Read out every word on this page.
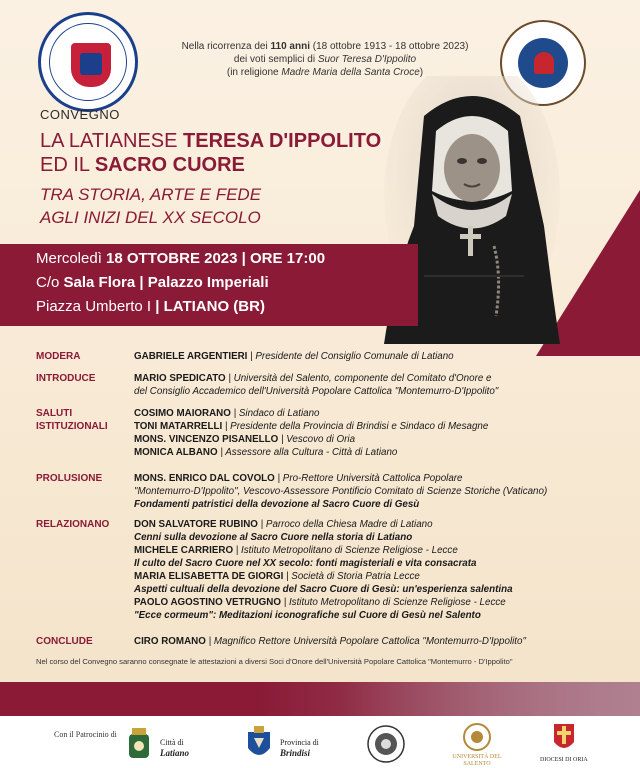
Nella ricorrenza dei 110 anni (18 ottobre 1913 - 18 ottobre 2023)
dei voti semplici di Suor Teresa D'Ippolito
(in religione Madre Maria della Santa Croce)
CONVEGNO
LA LATIANESE TERESA D'IPPOLITO
ED IL SACRO CUORE
TRA STORIA, ARTE E FEDE
AGLI INIZI DEL XX SECOLO
Mercoledì 18 OTTOBRE 2023 | ORE 17:00
C/o Sala Flora | Palazzo Imperiali
Piazza Umberto I | LATIANO (BR)
MODERA	GABRIELE ARGENTIERI | Presidente del Consiglio Comunale di Latiano
INTRODUCE	MARIO SPEDICATO | Università del Salento, componente del Comitato d'Onore e
del Consiglio Accademico dell'Università Popolare Cattolica "Montemurro-D'Ippolito"
SALUTI
ISTITUZIONALI
COSIMO MAIORANO | Sindaco di Latiano
TONI MATARRELLI | Presidente della Provincia di Brindisi e Sindaco di Mesagne
MONS. VINCENZO PISANELLO | Vescovo di Oria
MONICA ALBANO | Assessore alla Cultura - Città di Latiano
PROLUSIONE	MONS. ENRICO DAL COVOLO | Pro-Rettore Università Cattolica Popolare
"Montemurro-D'Ippolito", Vescovo-Assessore Pontificio Comitato di Scienze Storiche (Vaticano)
Fondamenti patristici della devozione al Sacro Cuore di Gesù
RELAZIONANO	DON SALVATORE RUBINO | Parroco della Chiesa Madre di Latiano
Cenni sulla devozione al Sacro Cuore nella storia di Latiano
MICHELE CARRIERO | Istituto Metropolitano di Scienze Religiose - Lecce
Il culto del Sacro Cuore nel XX secolo: fonti magisteriali e vita consacrata
MARIA ELISABETTA DE GIORGI | Società di Storia Patria Lecce
Aspetti cultuali della devozione del Sacro Cuore di Gesù: un'esperienza salentina
PAOLO AGOSTINO VETRUGNO | Istituto Metropolitano di Scienze Religiose - Lecce
"Ecce cormeum": Meditazioni iconografiche sul Cuore di Gesù nel Salento
CONCLUDE	CIRO ROMANO | Magnifico Rettore Università Popolare Cattolica "Montemurro-D'Ippolito"
Nel corso del Convegno saranno consegnate le attestazioni a diversi Soci d'Onore dell'Università Popolare Cattolica "Montemurro - D'Ippolito"
Con il Patrocinio di
Città di
Latiano
Provincia di
Brindisi	UNIVERSITÀ DEL SALENTO
DIOCESI DI ORIA
